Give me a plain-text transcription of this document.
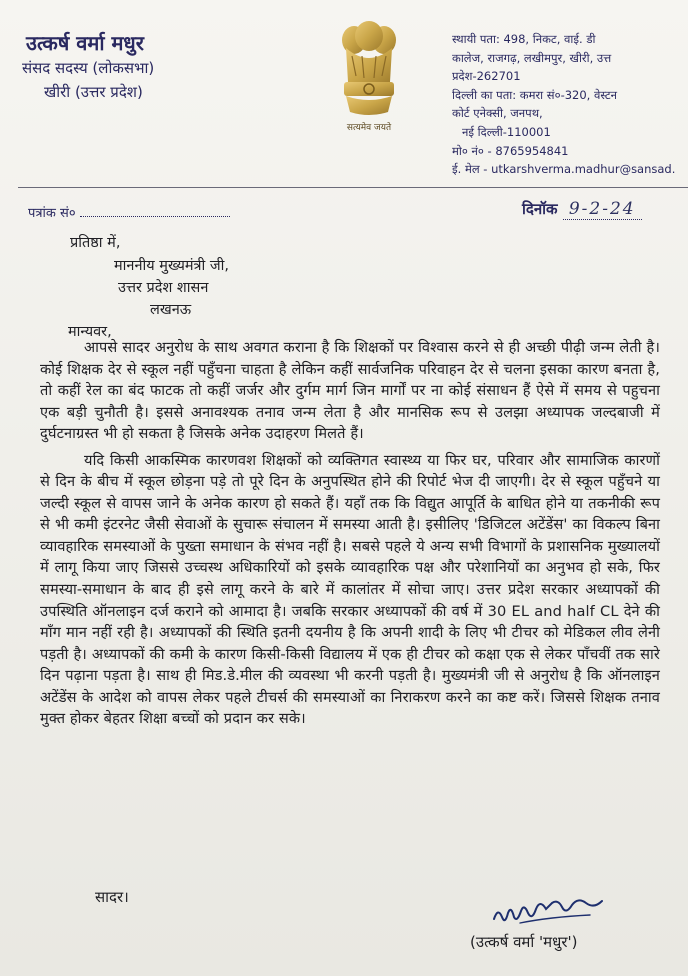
उत्कर्ष वर्मा मधुर
संसद सदस्य (लोकसभा)
खीरी (उत्तर प्रदेश)
सत्यमेव जयते
स्थायी पता: 498, निकट, वाई. डी
कालेज, राजगढ़, लखीमपुर, खीरी, उत्त
प्रदेश-262701
दिल्ली का पता: कमरा सं०-320, वेस्टन
कोर्ट एनेक्सी, जनपथ,
नई दिल्ली-110001
मो० नं० - 8765954841
ई. मेल - utkarshverma.madhur@sansad.
पत्रांक सं०	दिनॉक 9-2-24
प्रतिष्ठा में,
माननीय मुख्यमंत्री जी,
उत्तर प्रदेश शासन
लखनऊ
मान्यवर,

आपसे सादर अनुरोध के साथ अवगत कराना है कि शिक्षकों पर विश्वास करने से ही अच्छी पीढ़ी जन्म लेती है। कोई शिक्षक देर से स्कूल नहीं पहुँचना चाहता है लेकिन कहीं सार्वजनिक परिवाहन देर से चलना इसका कारण बनता है, तो कहीं रेल का बंद फाटक तो कहीं जर्जर और दुर्गम मार्ग जिन मार्गों पर ना कोई संसाधन हैं ऐसे में समय से पहुचना एक बड़ी चुनौती है। इससे अनावश्यक तनाव जन्म लेता है और मानसिक रूप से उलझा अध्यापक जल्दबाजी में दुर्घटनाग्रस्त भी हो सकता है जिसके अनेक उदाहरण मिलते हैं।

यदि किसी आकस्मिक कारणवश शिक्षकों को व्यक्तिगत स्वास्थ्य या फिर घर, परिवार और सामाजिक कारणों से दिन के बीच में स्कूल छोड़ना पड़े तो पूरे दिन के अनुपस्थित होने की रिपोर्ट भेज दी जाएगी। देर से स्कूल पहुँचने या जल्दी स्कूल से वापस जाने के अनेक कारण हो सकते हैं। यहाँ तक कि विद्युत आपूर्ति के बाधित होने या तकनीकी रूप से भी कमी इंटरनेट जैसी सेवाओं के सुचारू संचालन में समस्या आती है। इसीलिए 'डिजिटल अटेंडेंस' का विकल्प बिना व्यावहारिक समस्याओं के पुख्ता समाधान के संभव नहीं है। सबसे पहले ये अन्य सभी विभागों के प्रशासनिक मुख्यालयों में लागू किया जाए जिससे उच्चस्थ अधिकारियों को इसके व्यावहारिक पक्ष और परेशानियों का अनुभव हो सके, फिर समस्या-समाधान के बाद ही इसे लागू करने के बारे में कालांतर में सोचा जाए। उत्तर प्रदेश सरकार अध्यापकों की उपस्थिति ऑनलाइन दर्ज कराने को आमादा है। जबकि सरकार अध्यापकों की वर्ष में 30 EL and half CL देने की माँग मान नहीं रही है। अध्यापकों की स्थिति इतनी दयनीय है कि अपनी शादी के लिए भी टीचर को मेडिकल लीव लेनी पड़ती है। अध्यापकों की कमी के कारण किसी-किसी विद्यालय में एक ही टीचर को कक्षा एक से लेकर पाँचवीं तक सारे दिन पढ़ाना पड़ता है। साथ ही मिड.डे.मील की व्यवस्था भी करनी पड़ती है। मुख्यमंत्री जी से अनुरोध है कि ऑनलाइन अटेंडेंस के आदेश को वापस लेकर पहले टीचर्स की समस्याओं का निराकरण करने का कष्ट करें। जिससे शिक्षक तनाव मुक्त होकर बेहतर शिक्षा बच्चों को प्रदान कर सके।

सादर।
(उत्कर्ष वर्मा 'मधुर')
